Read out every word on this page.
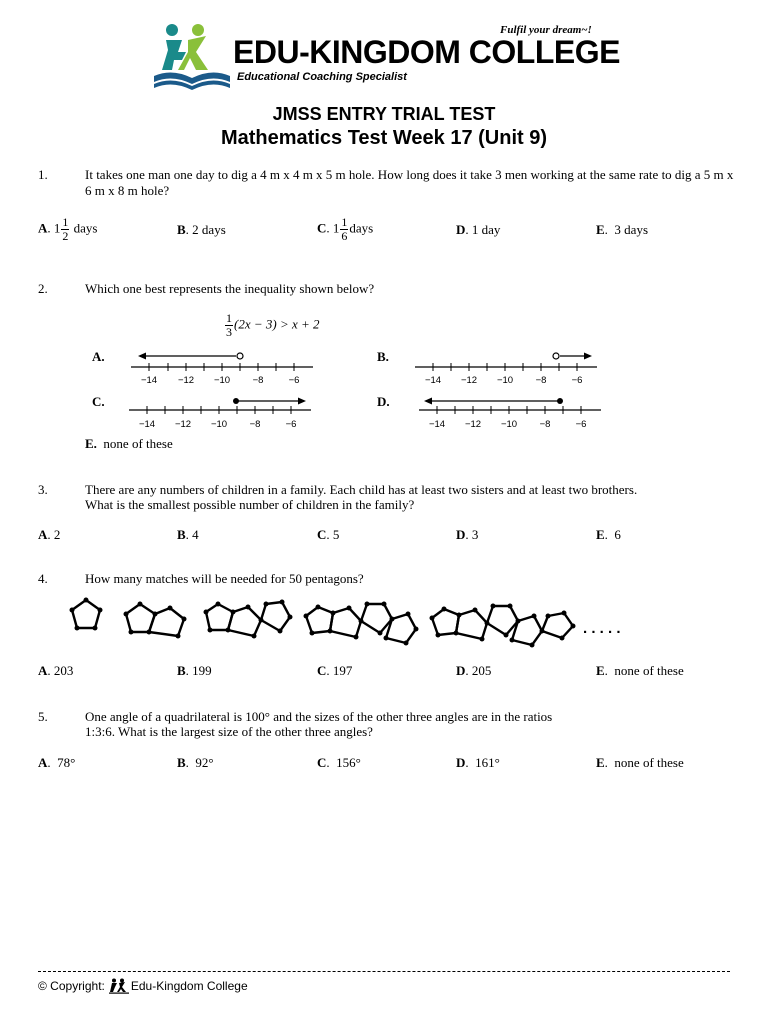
EDU-KINGDOM COLLEGE
Fulfil your dream~!
Educational Coaching Specialist
JMSS ENTRY TRIAL TEST
Mathematics Test Week 17 (Unit 9)
1.	It takes one man one day to dig a 4 m x 4 m x 5 m hole. How long does it take 3 men working at the same rate to dig a 5 m x 6 m x 8 m hole?
A. $1 \frac{1}{2}$ days	B. 2 days	C. $1 \frac{1}{6}$ days	D. 1 day	E.  3 days
2.	Which one best represents the inequality shown below?
$\frac{1}{3} (2x - 3) > x + 2$
A.
−14 −12 −10 −8	−6
B.
−14 −12 −10 −8	−6
C.
−14 −12 −10 −8	−6
D.
−14 −12 −10 −8	−6
E. none of these
3.	There are any numbers of children in a family. Each child has at least two sisters and at least two brothers.
What is the smallest possible number of children in the family?
A. 2	B. 4	C. 5	D. 3	E.  6
4.	How many matches will be needed for 50 pentagons?
. . . . .
A. 203	B. 199	C. 197	D. 205	E.  none of these
5.	One angle of a quadrilateral is 100° and the sizes of the other three angles are in the ratios
1:3:6. What is the largest size of the other three angles?
A.  78°	B.  92°	C.  156°	D.  161°	E.  none of these
© Copyright: Edu-Kingdom College
